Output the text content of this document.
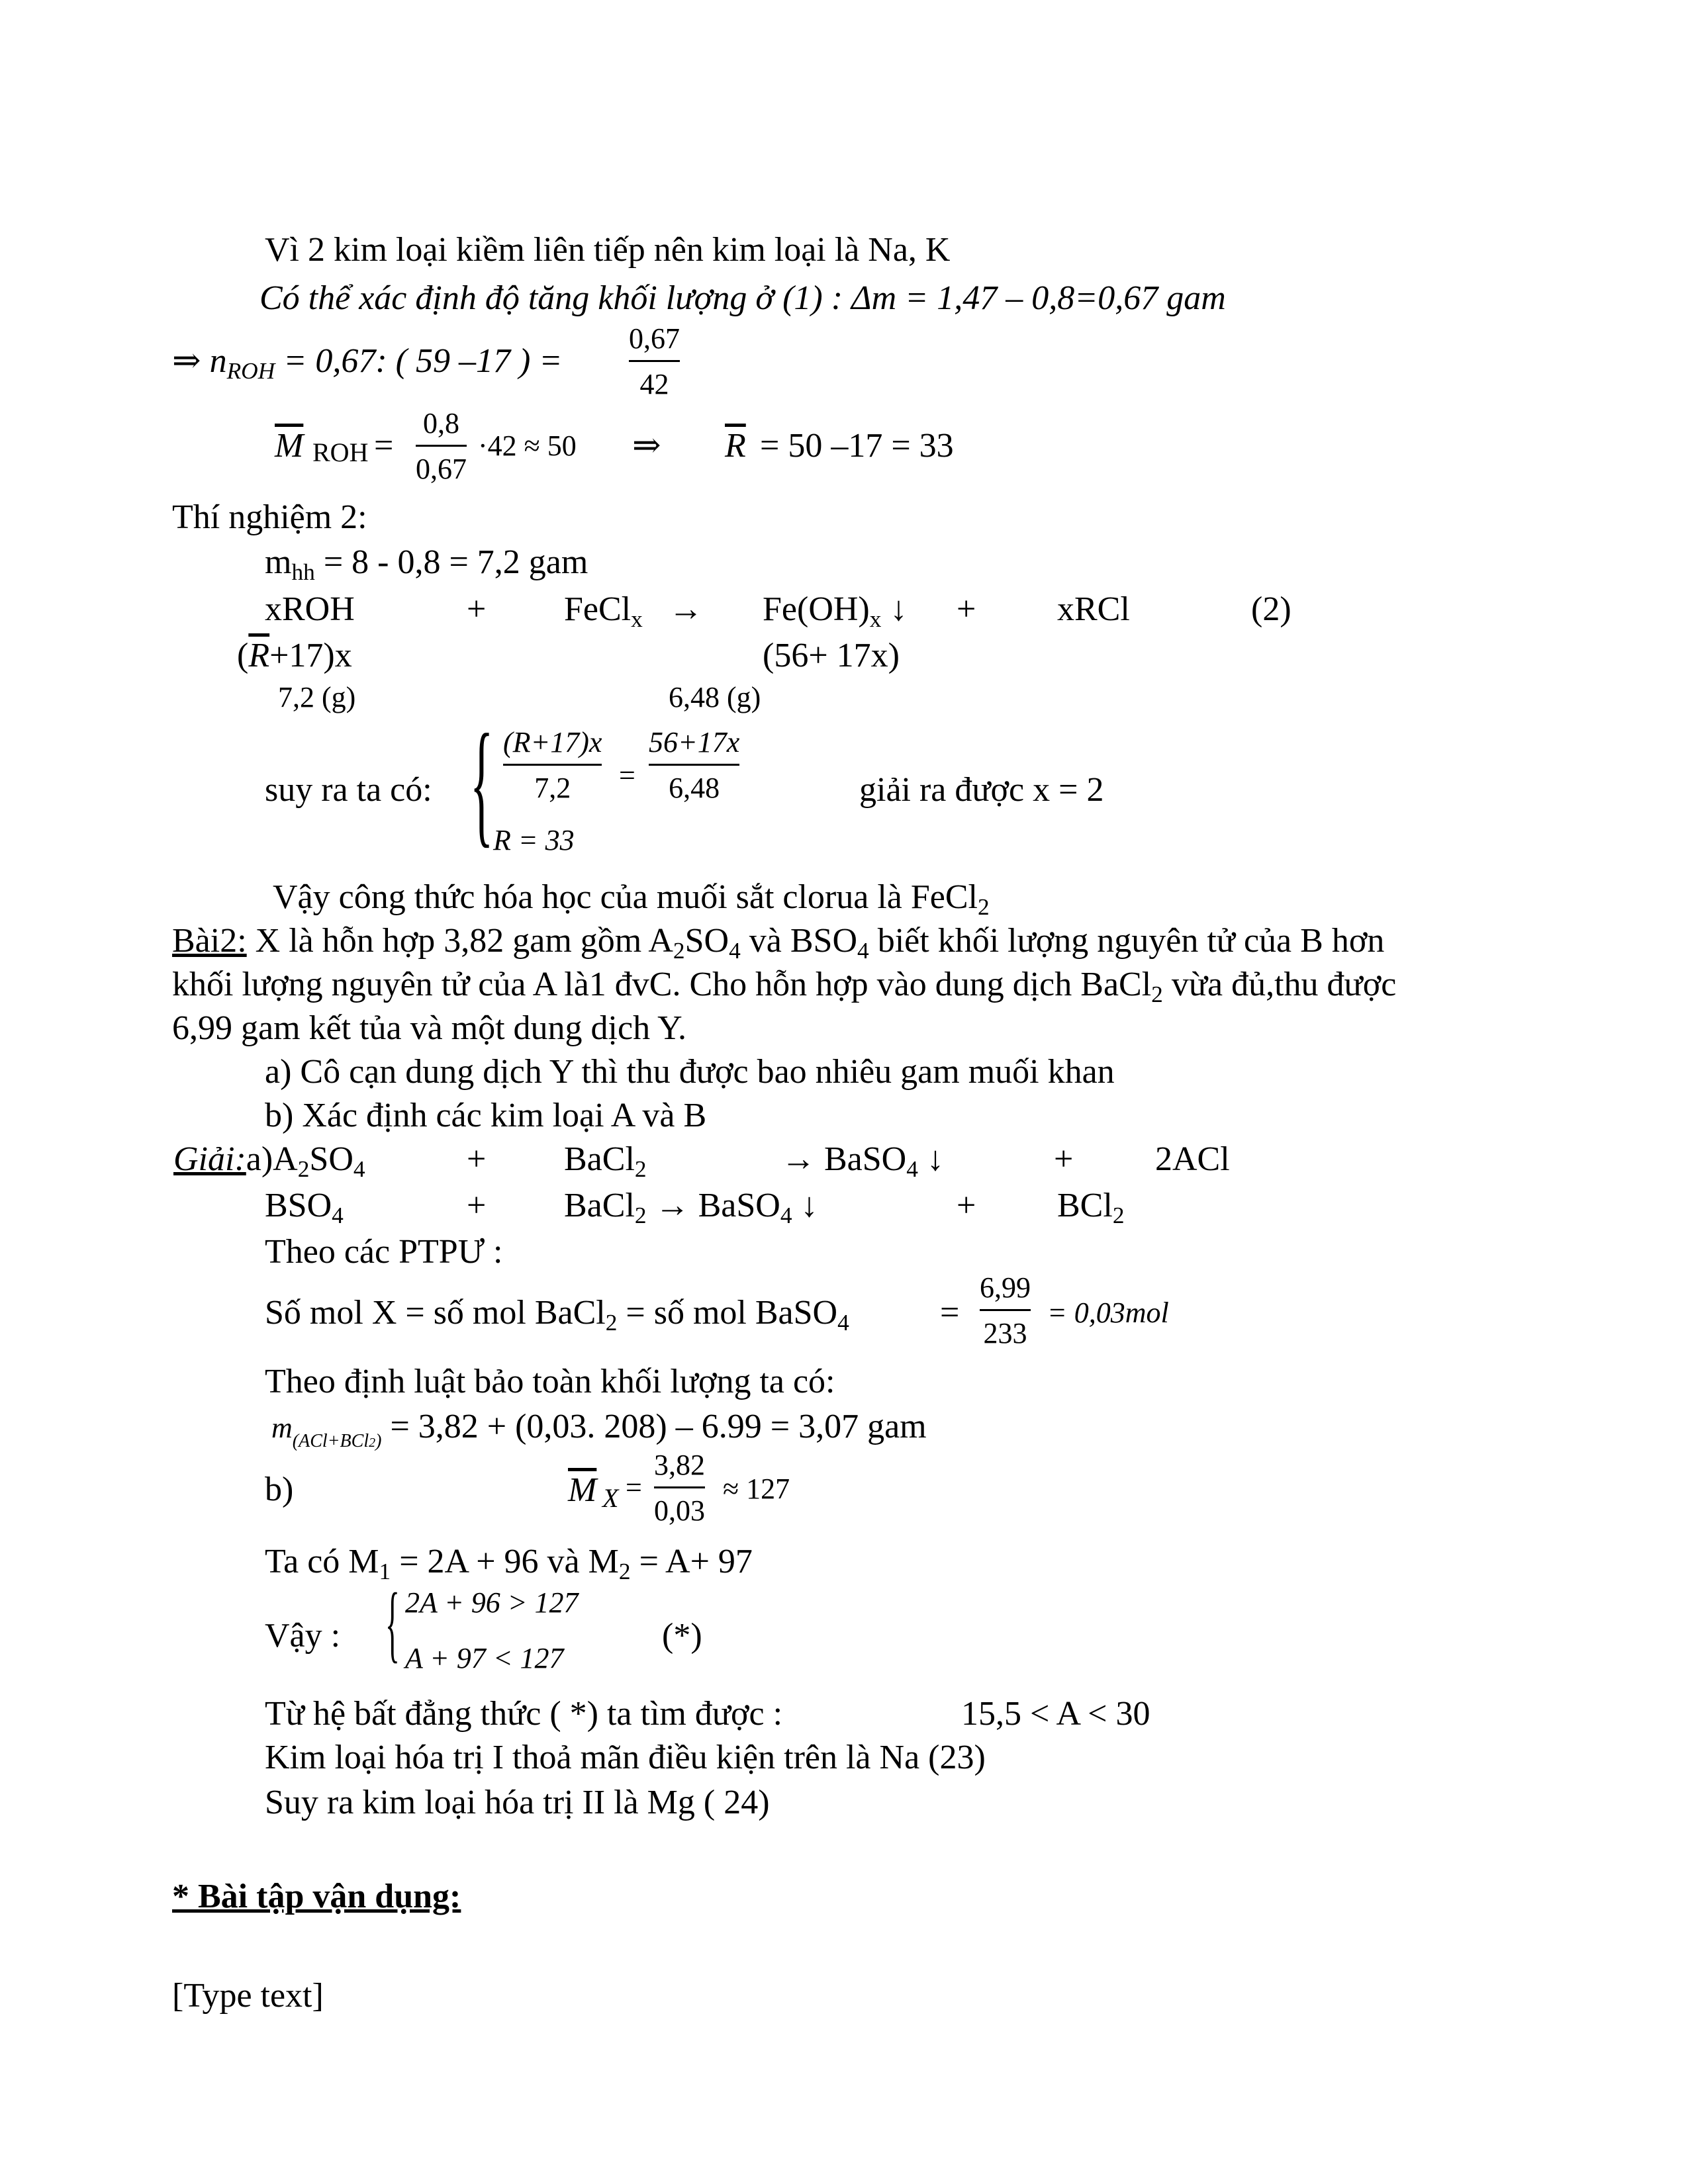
Vì 2 kim loại kiềm liên tiếp nên kim loại là Na, K
Có thể xác định độ tăng khối lượng ở (1) : Δm = 1,47 – 0,8=0,67 gam
⇒ $n_{ROH} = 0,67$: ( 59 –17 ) =
0,67
42
$\overline{M}$ ROH =
0,8
0,67
·42 ≈ 50 ⇒ $\overline{R} = 50$ –17 = 33
Thí nghiệm 2:
$m_{hh} = 8 - 0,8 = 7,2$ gam
xROH	+ FeCl$_x$ → $Fe(OH)_x$ ↓ + xRCl	(2)
$(\overline{R}+17)x$	(56+ 17x)
7,2 (g)	6,48 (g)
suy ra ta có: { (R+17)x
7,2 =
56+17x
6,48
R = 33
giải ra được x = 2
Vậy công thức hóa học của muối sắt clorua là FeCl$_2$
Bài2: X là hỗn hợp 3,82 gam gồm $A_2SO_4$ và $BSO_4$ biết khối lượng nguyên tử của B hơn
khối lượng nguyên tử của A là1 đvC. Cho hỗn hợp vào dung dịch BaCl$_2$ vừa đủ,thu được
6,99 gam kết tủa và một dung dịch Y.
a) Cô cạn dung dịch Y thì thu được bao nhiêu gam muối khan
b) Xác định các kim loại A và B
$Giải:a)A_2SO_4$	+ BaCl$_2$	→ BaSO$_4$ ↓	+ 2ACl
$BSO_4$	+ BaCl$_2$ → BaSO$_4$ ↓	+ BCl$_2$
Theo các PTPƯ :
Số mol X = số mol BaCl$_2$ = số mol BaSO$_4$	=
6,99
233
= 0,03mol
Theo định luật bảo toàn khối lượng ta có:
$m_{(ACl+BCl2)} = 3,82 + (0,03$. 208) – 6.99 = 3,07 gam
b)	$\overline{M}$ X =
3,82
0,03
≈ 127
Ta có $M_1 = 2A + 96$ và $M_2 = A+ 97$
Vậy : { 2A + 96 > 127
A + 97 < 127
(*)
Từ hệ bất đẳng thức ( *) ta tìm được :	15,5 < A < 30
Kim loại hóa trị I thoả mãn điều kiện trên là Na (23)
Suy ra kim loại hóa trị II là Mg ( 24)
* Bài tập vận dụng:
[Type text]
